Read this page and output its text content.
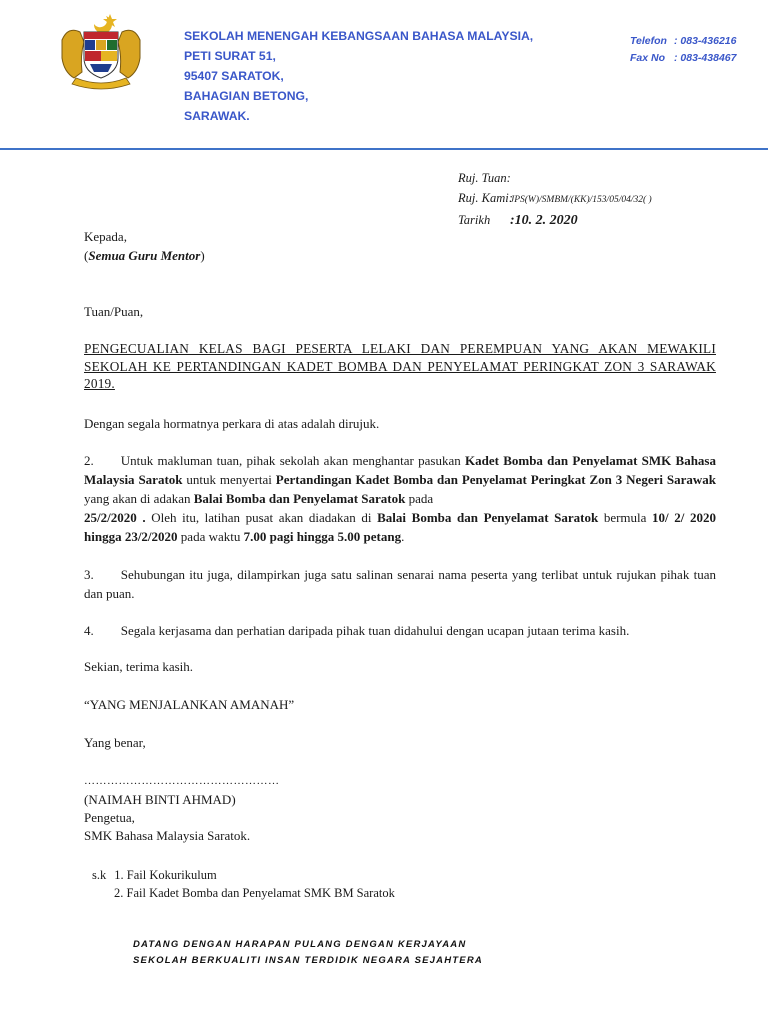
SEKOLAH MENENGAH KEBANGSAAN BAHASA MALAYSIA,
PETI SURAT 51,
95407 SARATOK,
BAHAGIAN BETONG,
SARAWAK.
Telefon : 083-436216
Fax No : 083-438467
Ruj. Tuan:
Ruj. Kami:JPS(W)/SMBM/(KK)/153/05/04/32( )
Tarikh :10. 2. 2020
Kepada,
(Semua Guru Mentor)
Tuan/Puan,
PENGECUALIAN KELAS BAGI PESERTA LELAKI DAN PEREMPUAN YANG AKAN MEWAKILI SEKOLAH KE PERTANDINGAN KADET BOMBA DAN PENYELAMAT PERINGKAT ZON 3 SARAWAK 2019.
Dengan segala hormatnya perkara di atas adalah dirujuk.
2. Untuk makluman tuan, pihak sekolah akan menghantar pasukan Kadet Bomba dan Penyelamat SMK Bahasa Malaysia Saratok untuk menyertai Pertandingan Kadet Bomba dan Penyelamat Peringkat Zon 3 Negeri Sarawak yang akan di adakan Balai Bomba dan Penyelamat Saratok pada
25/2/2020 . Oleh itu, latihan pusat akan diadakan di Balai Bomba dan Penyelamat Saratok bermula 10/ 2/ 2020 hingga 23/2/2020 pada waktu 7.00 pagi hingga 5.00 petang.
3. Sehubungan itu juga, dilampirkan juga satu salinan senarai nama peserta yang terlibat untuk rujukan pihak tuan dan puan.
4. Segala kerjasama dan perhatian daripada pihak tuan didahului dengan ucapan jutaan terima kasih.
Sekian, terima kasih.
“YANG MENJALANKAN AMANAH”
Yang benar,
……………………………………………
(NAIMAH BINTI AHMAD)
Pengetua,
SMK Bahasa Malaysia Saratok.
s.k 1. Fail Kokurikulum
2. Fail Kadet Bomba dan Penyelamat SMK BM Saratok
DATANG DENGAN HARAPAN PULANG DENGAN KERJAYAAN
SEKOLAH BERKUALITI INSAN TERDIDIK NEGARA SEJAHTERA
